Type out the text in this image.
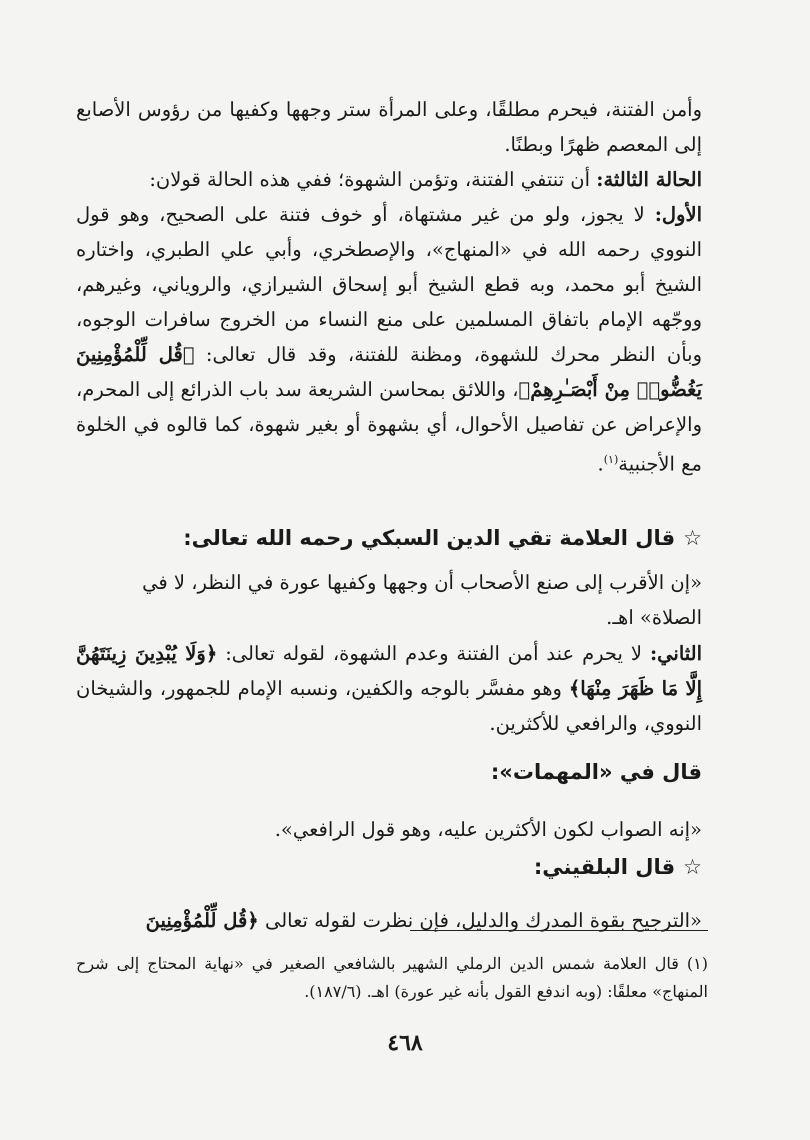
وأمن الفتنة، فيحرم مطلقًا، وعلى المرأة ستر وجهها وكفيها من رؤوس الأصابع إلى المعصم ظهرًا وبطنًا.

الحالة الثالثة: أن تنتفي الفتنة، وتؤمن الشهوة؛ ففي هذه الحالة قولان:

الأول: لا يجوز، ولو من غير مشتهاة، أو خوف فتنة على الصحيح، وهو قول النووي رحمه الله في «المنهاج»، والإصطخري، وأبي علي الطبري، واختاره الشيخ أبو محمد، وبه قطع الشيخ أبو إسحاق الشيرازي، والروياني، وغيرهم، ووجّهه الإمام باتفاق المسلمين على منع النساء من الخروج سافرات الوجوه، وبأن النظر محرك للشهوة، ومظنة للفتنة، وقد قال تعالى: ﴿قُل لِّلْمُؤْمِنِينَ يَغُضُّوا۟ مِنْ أَبْصَـٰرِهِمْ﴾، واللائق بمحاسن الشريعة سد باب الذرائع إلى المحرم، والإعراض عن تفاصيل الأحوال، أي بشهوة أو بغير شهوة، كما قالوه في الخلوة مع الأجنبية$^{(١)}$.

☆قال العلامة تقي الدين السبكي رحمه الله تعالى:
«إن الأقرب إلى صنع الأصحاب أن وجهها وكفيها عورة في النظر، لا في الصلاة» اهـ.

الثاني: لا يحرم عند أمن الفتنة وعدم الشهوة، لقوله تعالى: ﴿وَلَا يُبْدِينَ زِينَتَهُنَّ إِلَّا مَا ظَهَرَ مِنْهَا﴾ وهو مفسَّر بالوجه والكفين، ونسبه الإمام للجمهور، والشيخان النووي، والرافعي للأكثرين.

قال في «المهمات»:
«إنه الصواب لكون الأكثرين عليه، وهو قول الرافعي».
☆قال البلقيني:
«الترجيح بقوة المدرك والدليل، فإن نظرت لقوله تعالى ﴿قُل لِّلْمُؤْمِنِينَ
(١) قال العلامة شمس الدين الرملي الشهير بالشافعي الصغير في «نهاية المحتاج إلى شرح المنهاج» معلقًا: (وبه اندفع القول بأنه غير عورة) اهـ. (١٨٧/٦).
٤٦٨
